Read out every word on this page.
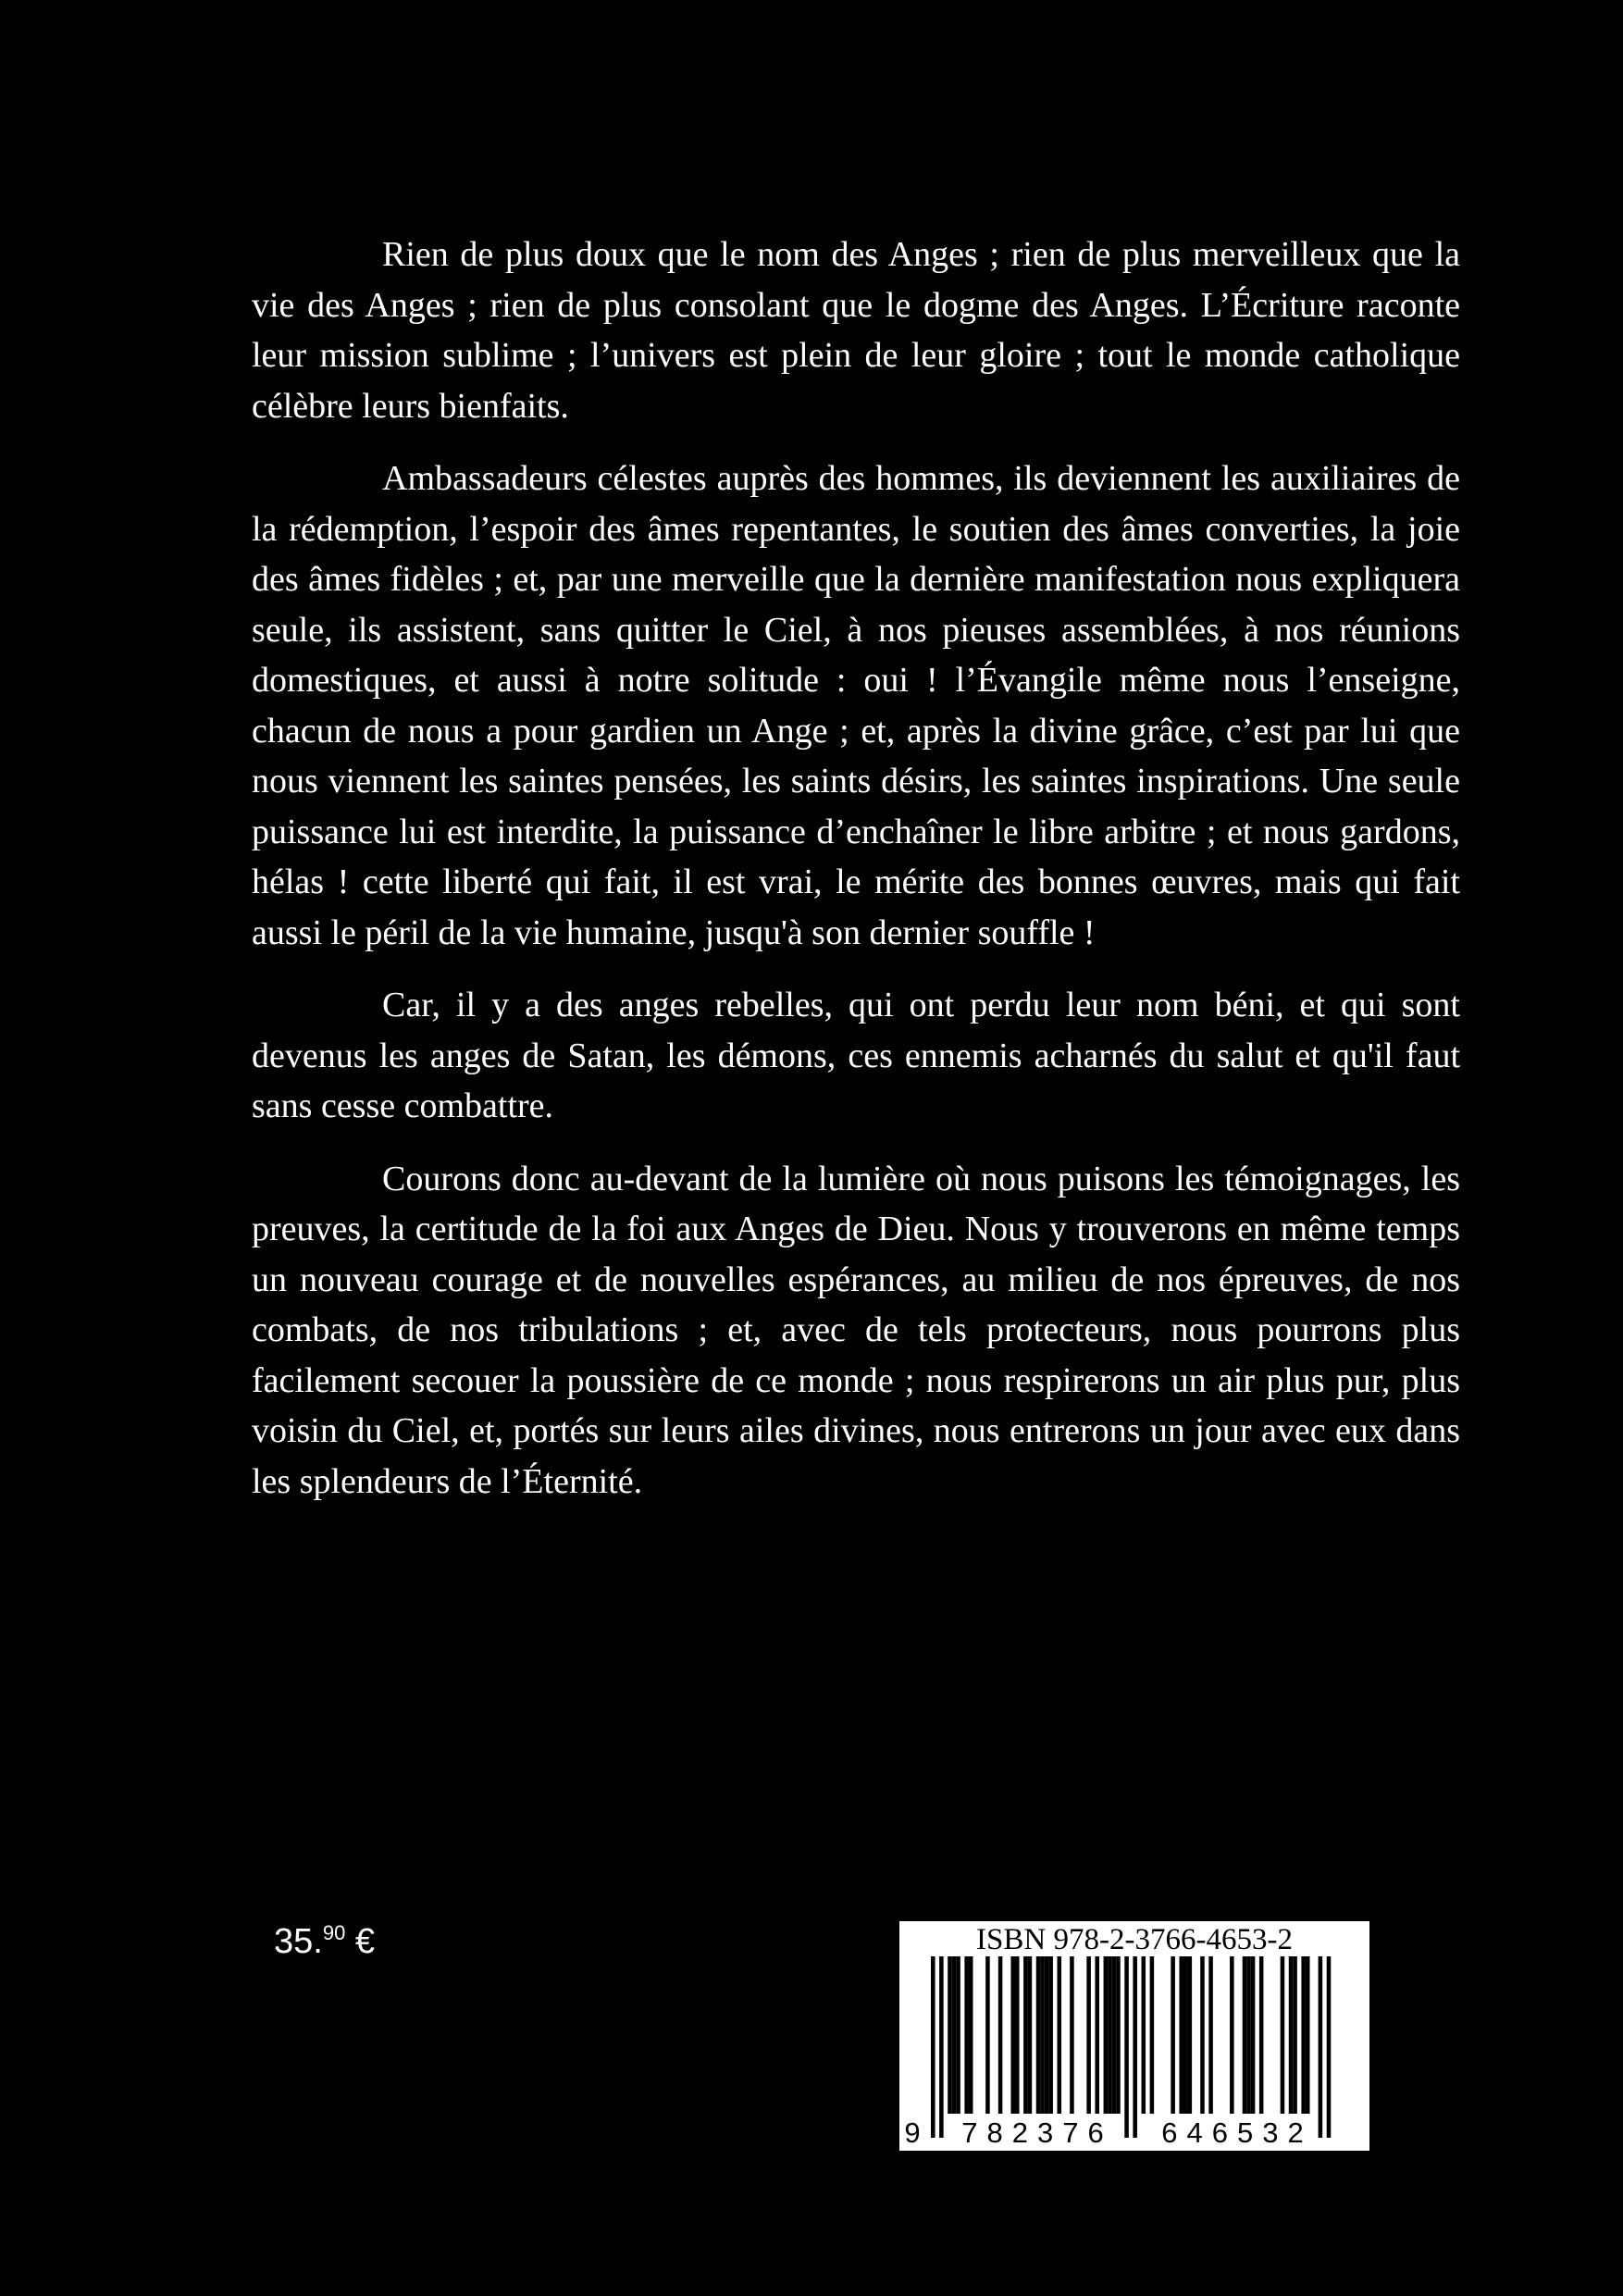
Rien de plus doux que le nom des Anges ; rien de plus merveilleux que la vie des Anges ; rien de plus consolant que le dogme des Anges. L’Écriture raconte leur mission sublime ; l’univers est plein de leur gloire ; tout le monde catholique célèbre leurs bienfaits.

Ambassadeurs célestes auprès des hommes, ils deviennent les auxiliaires de la rédemption, l’espoir des âmes repentantes, le soutien des âmes converties, la joie des âmes fidèles ; et, par une merveille que la dernière manifestation nous expliquera seule, ils assistent, sans quitter le Ciel, à nos pieuses assemblées, à nos réunions domestiques, et aussi à notre solitude : oui ! l’Évangile même nous l’enseigne, chacun de nous a pour gardien un Ange ; et, après la divine grâce, c’est par lui que nous viennent les saintes pensées, les saints désirs, les saintes inspirations. Une seule puissance lui est interdite, la puissance d’enchaîner le libre arbitre ; et nous gardons, hélas ! cette liberté qui fait, il est vrai, le mérite des bonnes œuvres, mais qui fait aussi le péril de la vie humaine, jusqu'à son dernier souffle !

Car, il y a des anges rebelles, qui ont perdu leur nom béni, et qui sont devenus les anges de Satan, les démons, ces ennemis acharnés du salut et qu'il faut sans cesse combattre.

Courons donc au-devant de la lumière où nous puisons les témoignages, les preuves, la certitude de la foi aux Anges de Dieu. Nous y trouverons en même temps un nouveau courage et de nouvelles espérances, au milieu de nos épreuves, de nos combats, de nos tribulations ; et, avec de tels protecteurs, nous pourrons plus facilement secouer la poussière de ce monde ; nous respirerons un air plus pur, plus voisin du Ciel, et, portés sur leurs ailes divines, nous entrerons un jour avec eux dans les splendeurs de l’Éternité.

35.90 €	ISBN 978-2-3766-4653-2
9	782376	646532
